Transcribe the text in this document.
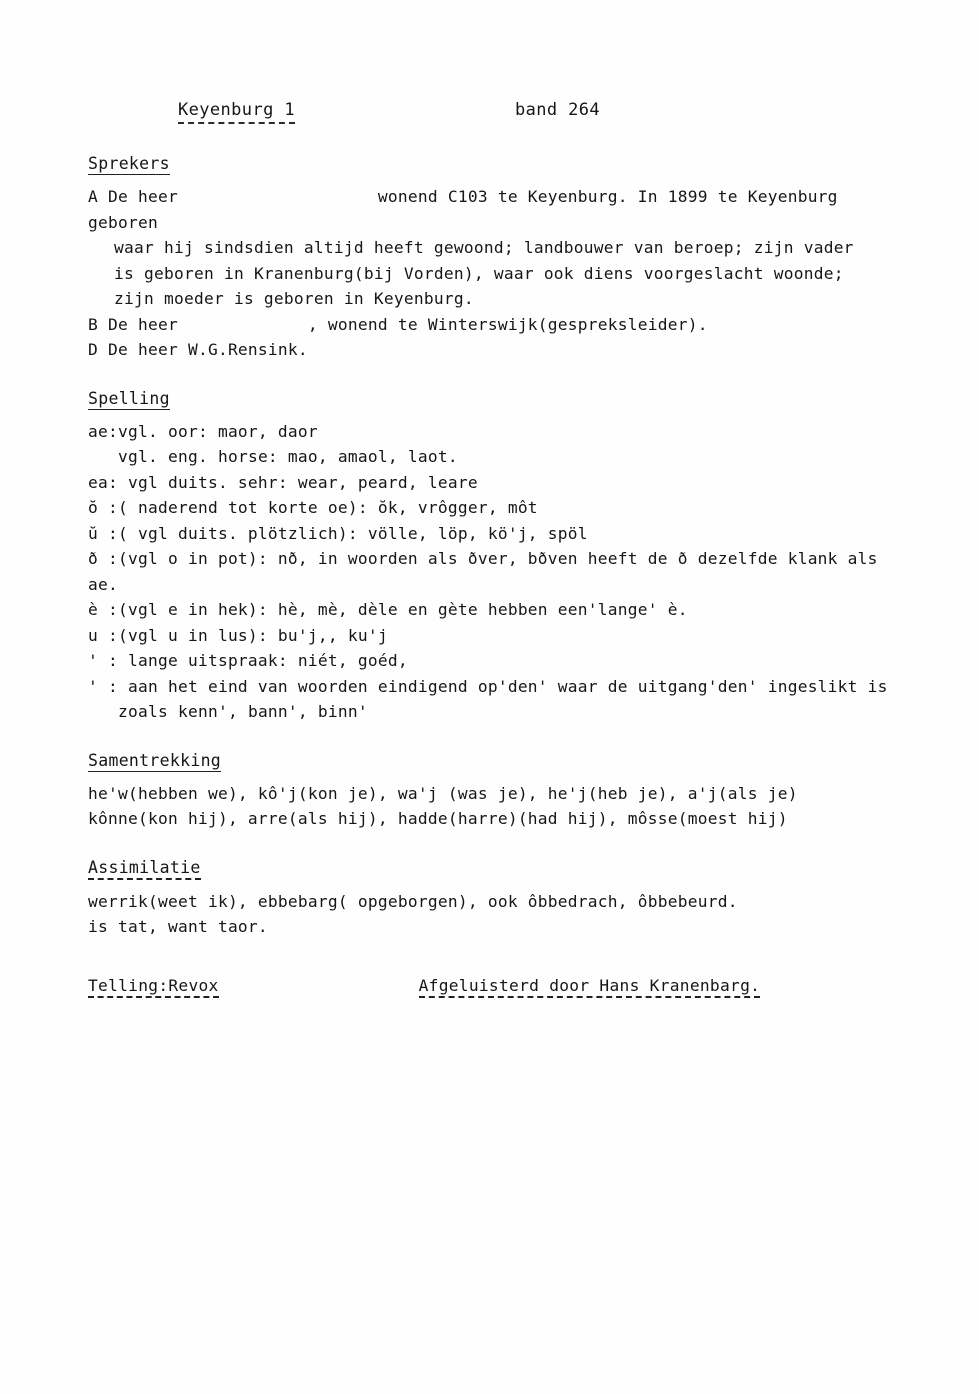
Keyenburg 1	band 264
Sprekers
A De heer                    wonend C103 te Keyenburg. In 1899 te Keyenburg geboren
waar hij sindsdien altijd heeft gewoond; landbouwer van beroep; zijn vader
is geboren in Kranenburg(bij Vorden), waar ook diens voorgeslacht woonde;
zijn moeder is geboren in Keyenburg.
B De heer             , wonend te Winterswijk(gespreksleider).
D De heer W.G.Rensink.
Spelling
ae:vgl. oor: maor, daor
vgl. eng. horse: mao, amaol, laot.
ea: vgl duits. sehr: wear, peard, leare
ŏ :( naderend tot korte oe): ŏk, vrôgger, môt
ŭ :( vgl duits. plötzlich): völle, löp, kö'j, spöl
ð :(vgl o in pot): nð, in woorden als ðver, bðven heeft de ð dezelfde klank als ae.
è :(vgl e in hek): hè, mè, dèle en gète hebben een'lange' è.
u :(vgl u in lus): bu'j,, ku'j
' : lange uitspraak: niét, goéd,
' : aan het eind van woorden eindigend op'den' waar de uitgang'den' ingeslikt is
zoals kenn', bann', binn'
Samentrekking
he'w(hebben we), kô'j(kon je), wa'j (was je), he'j(heb je), a'j(als je)
kônne(kon hij), arre(als hij), hadde(harre)(had hij), môsse(moest hij)
Assimilatie
werrik(weet ik), ebbebarg( opgeborgen), ook ôbbedrach, ôbbebeurd.
is tat, want taor.
Telling:Revox	Afgeluisterd door Hans Kranenbarg.
